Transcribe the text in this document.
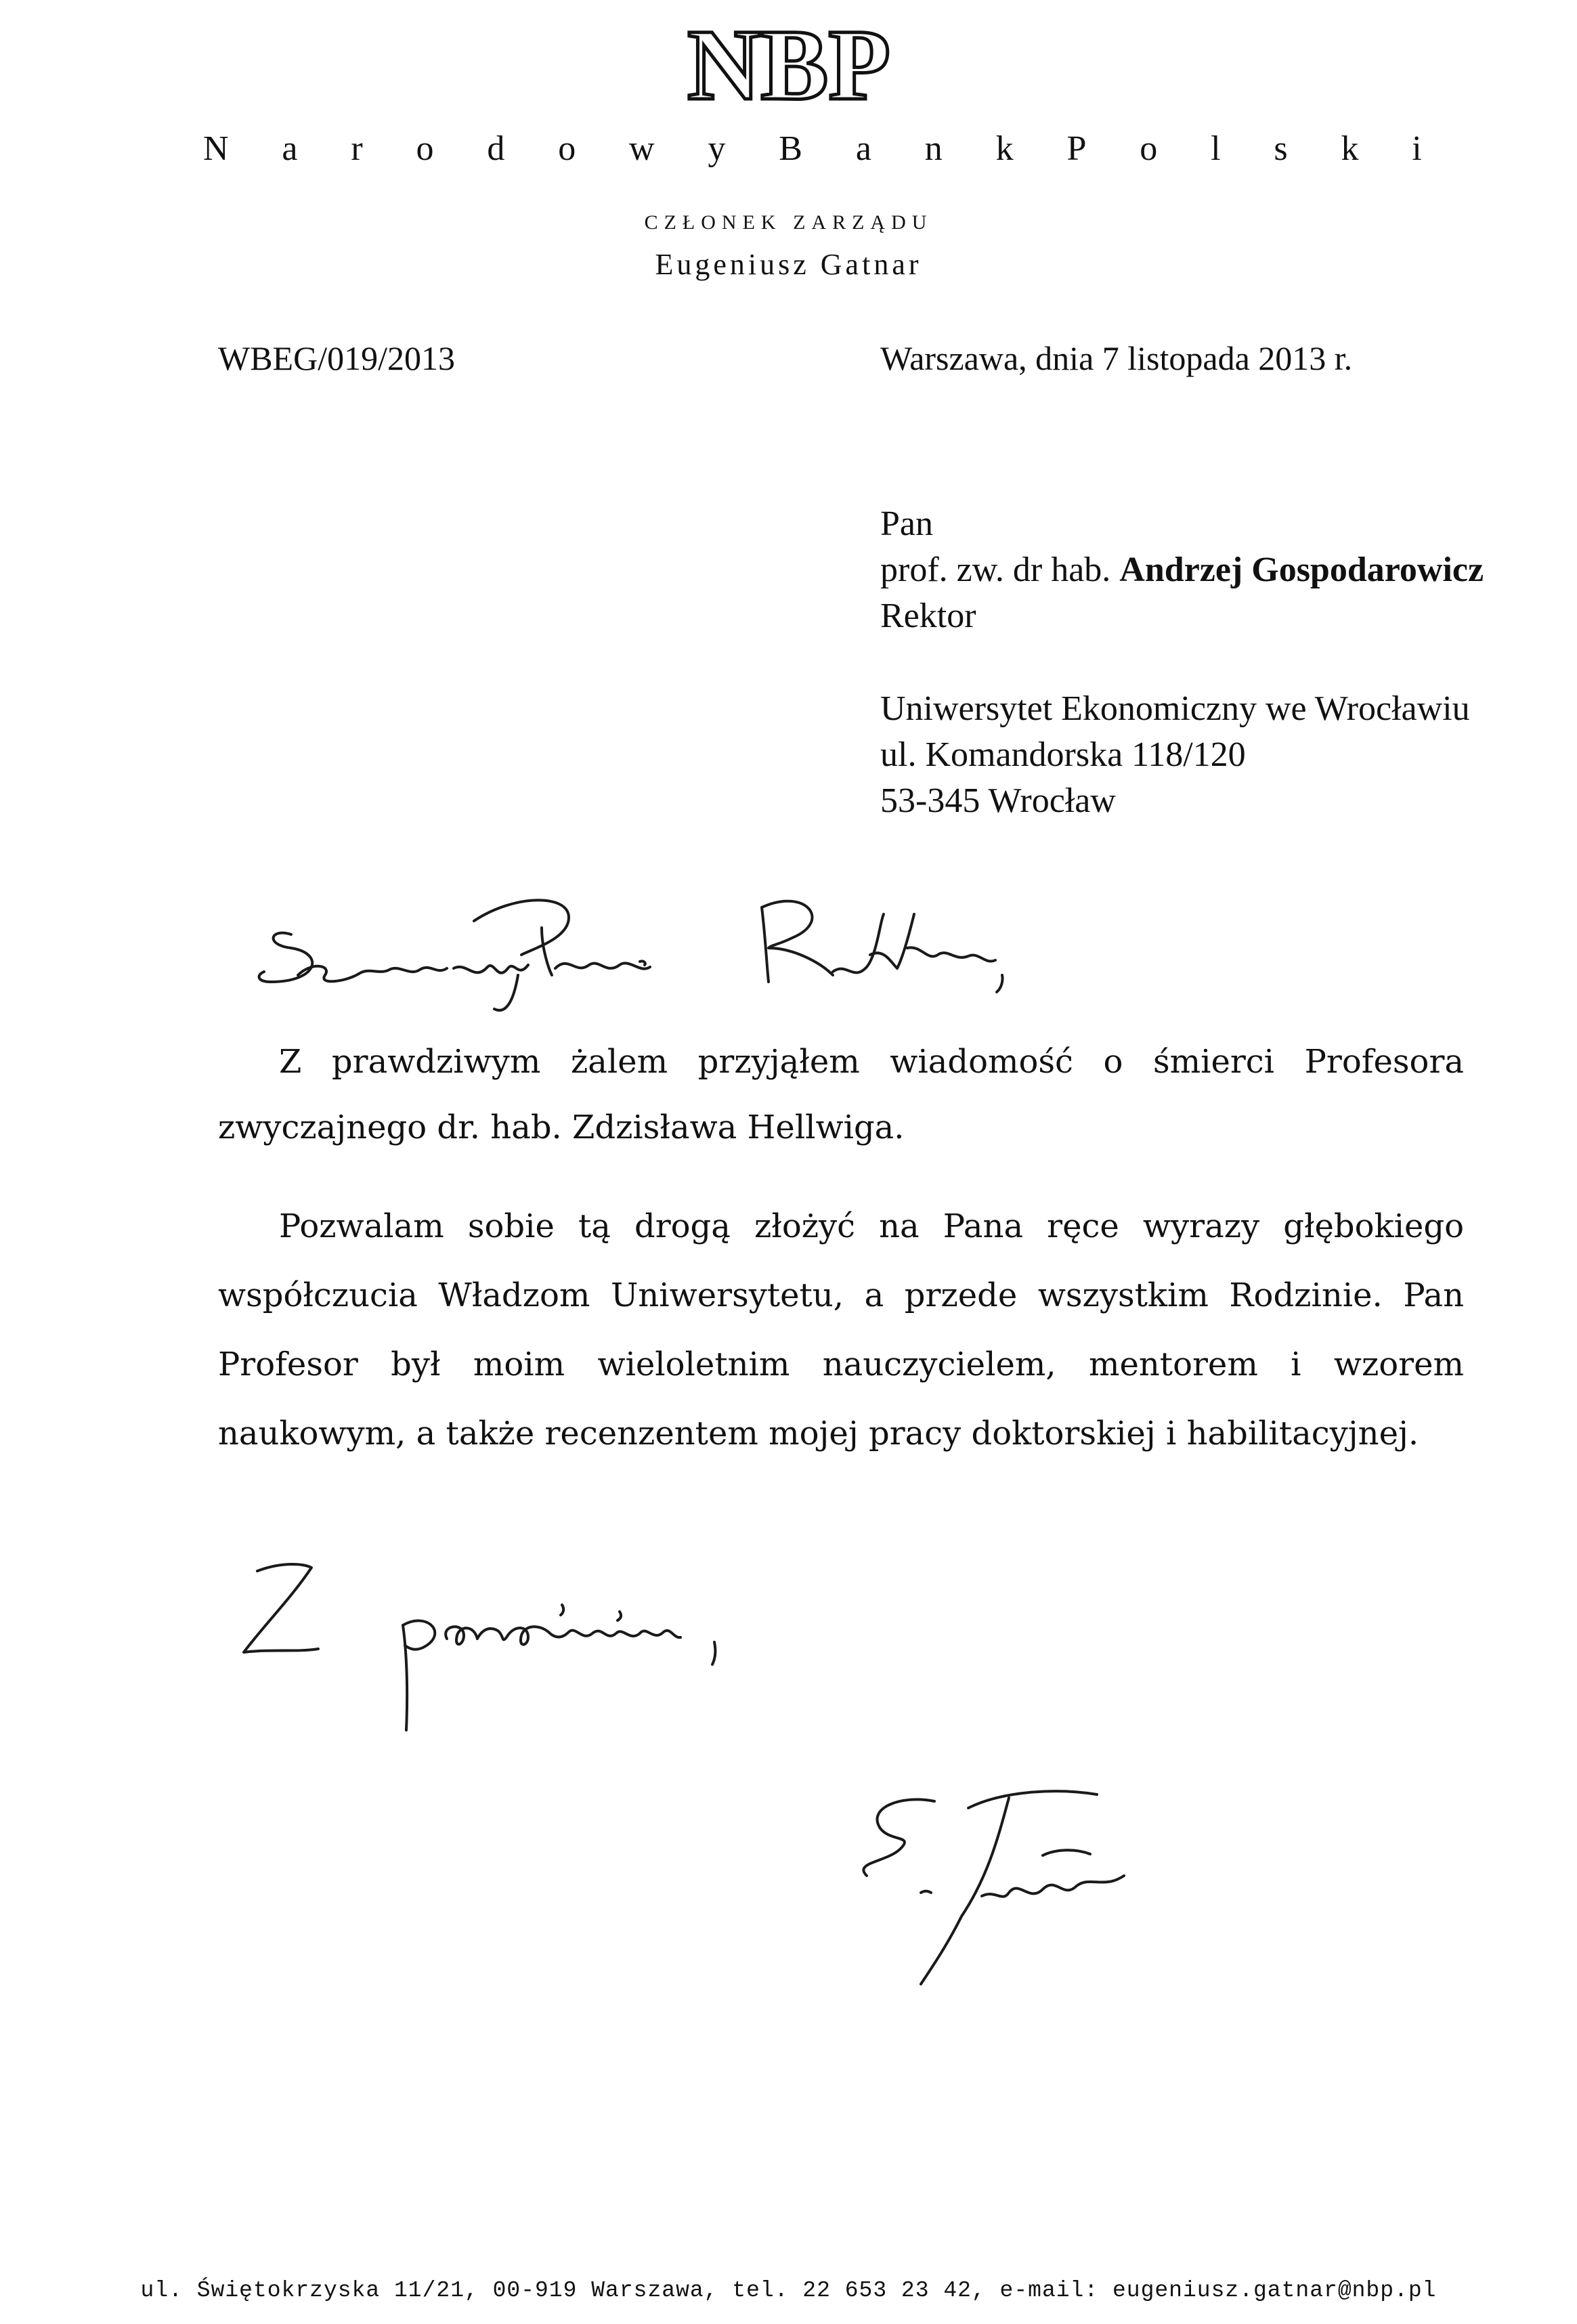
NBP
N a r o d o w y B a n k P o l s k i
CZŁONEK ZARZĄDU
Eugeniusz Gatnar
WBEG/019/2013	Warszawa, dnia 7 listopada 2013 r.
Pan
prof. zw. dr hab. Andrzej Gospodarowicz
Rektor
Uniwersytet Ekonomiczny we Wrocławiu
ul. Komandorska 118/120
53-345 Wrocław
Z prawdziwym żalem przyjąłem wiadomość o śmierci Profesora zwyczajnego dr. hab. Zdzisława Hellwiga.
Pozwalam sobie tą drogą złożyć na Pana ręce wyrazy głębokiego współczucia Władzom Uniwersytetu, a przede wszystkim Rodzinie. Pan Profesor był moim wieloletnim nauczycielem, mentorem i wzorem naukowym, a także recenzentem mojej pracy doktorskiej i habilitacyjnej.
ul. Świętokrzyska 11/21, 00-919 Warszawa, tel. 22 653 23 42, e-mail: eugeniusz.gatnar@nbp.pl
